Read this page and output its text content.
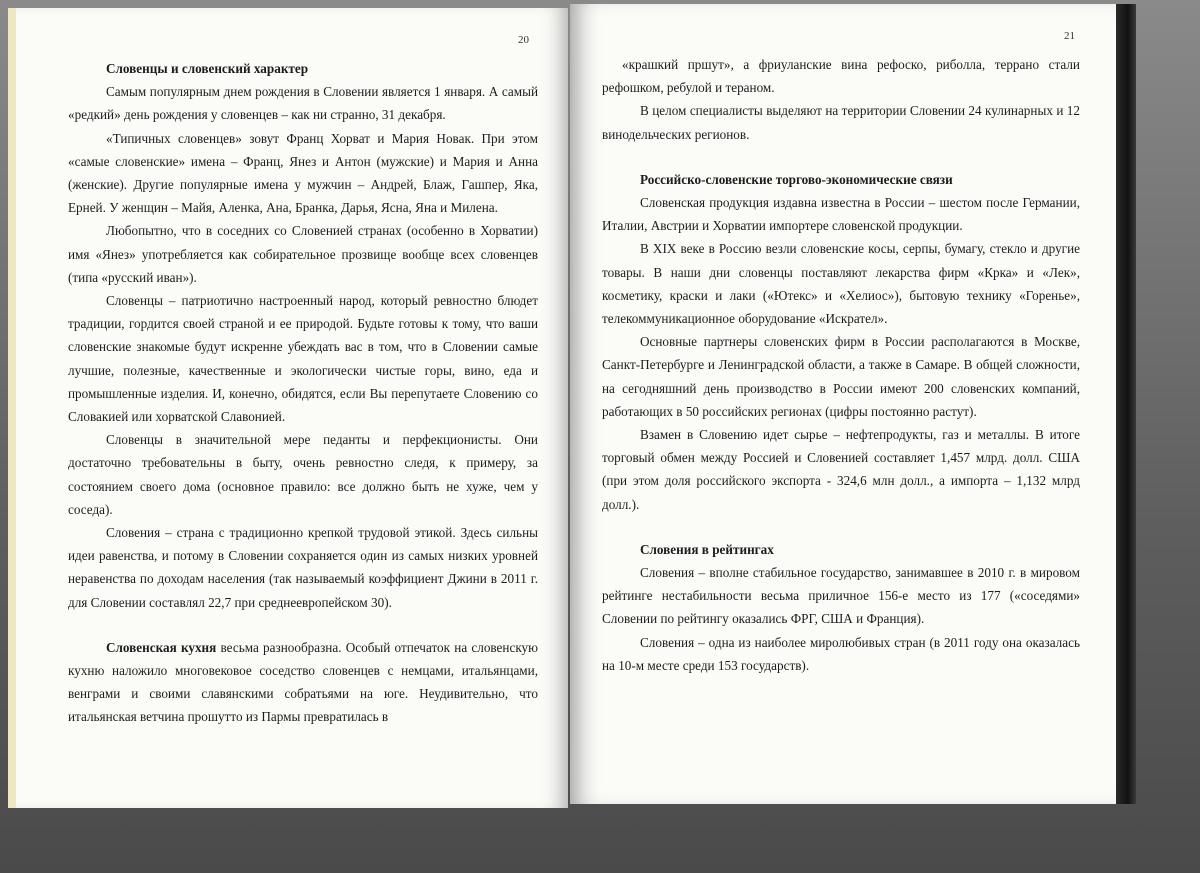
20

Словенцы и словенский характер

Самым популярным днем рождения в Словении является 1 января. А самый «редкий» день рождения у словенцев – как ни странно, 31 декабря.

«Типичных словенцев» зовут Франц Хорват и Мария Новак. При этом «самые словенские» имена – Франц, Янез и Антон (мужские) и Мария и Анна (женские). Другие популярные имена у мужчин – Андрей, Блаж, Гашпер, Яка, Ерней. У женщин – Майя, Аленка, Ана, Бранка, Дарья, Ясна, Яна и Милена.

Любопытно, что в соседних со Словенией странах (особенно в Хорватии) имя «Янез» употребляется как собирательное прозвище вообще всех словенцев (типа «русский иван»).

Словенцы – патриотично настроенный народ, который ревностно блюдет традиции, гордится своей страной и ее природой. Будьте готовы к тому, что ваши словенские знакомые будут искренне убеждать вас в том, что в Словении самые лучшие, полезные, качественные и экологически чистые горы, вино, еда и промышленные изделия. И, конечно, обидятся, если Вы перепутаете Словению со Словакией или хорватской Славонией.

Словенцы в значительной мере педанты и перфекционисты. Они достаточно требовательны в быту, очень ревностно следя, к примеру, за состоянием своего дома (основное правило: все должно быть не хуже, чем у соседа).

Словения – страна с традиционно крепкой трудовой этикой. Здесь сильны идеи равенства, и потому в Словении сохраняется один из самых низких уровней неравенства по доходам населения (так называемый коэффициент Джини в 2011 г. для Словении составлял 22,7 при среднеевропейском 30).

Словенская кухня весьма разнообразна. Особый отпечаток на словенскую кухню наложило многовековое соседство словенцев с немцами, итальянцами, венграми и своими славянскими собратьями на юге. Неудивительно, что итальянская ветчина прошутто из Пармы превратилась в

21

«крашкий пршут», а фриуланские вина рефоско, риболла, террано стали рефошком, ребулой и тераном.

В целом специалисты выделяют на территории Словении 24 кулинарных и 12 винодельческих регионов.

Российско-словенские торгово-экономические связи

Словенская продукция издавна известна в России – шестом после Германии, Италии, Австрии и Хорватии импортере словенской продукции.

В XIX веке в Россию везли словенские косы, серпы, бумагу, стекло и другие товары. В наши дни словенцы поставляют лекарства фирм «Крка» и «Лек», косметику, краски и лаки («Ютекс» и «Хелиос»), бытовую технику «Горенье», телекоммуникационное оборудование «Искрател».

Основные партнеры словенских фирм в России располагаются в Москве, Санкт-Петербурге и Ленинградской области, а также в Самаре. В общей сложности, на сегодняшний день производство в России имеют 200 словенских компаний, работающих в 50 российских регионах (цифры постоянно растут).

Взамен в Словению идет сырье – нефтепродукты, газ и металлы. В итоге торговый обмен между Россией и Словенией составляет 1,457 млрд. долл. США (при этом доля российского экспорта - 324,6 млн долл., а импорта – 1,132 млрд долл.).

Словения в рейтингах

Словения – вполне стабильное государство, занимавшее в 2010 г. в мировом рейтинге нестабильности весьма приличное 156-е место из 177 («соседями» Словении по рейтингу оказались ФРГ, США и Франция).

Словения – одна из наиболее миролюбивых стран (в 2011 году она оказалась на 10-м месте среди 153 государств).
